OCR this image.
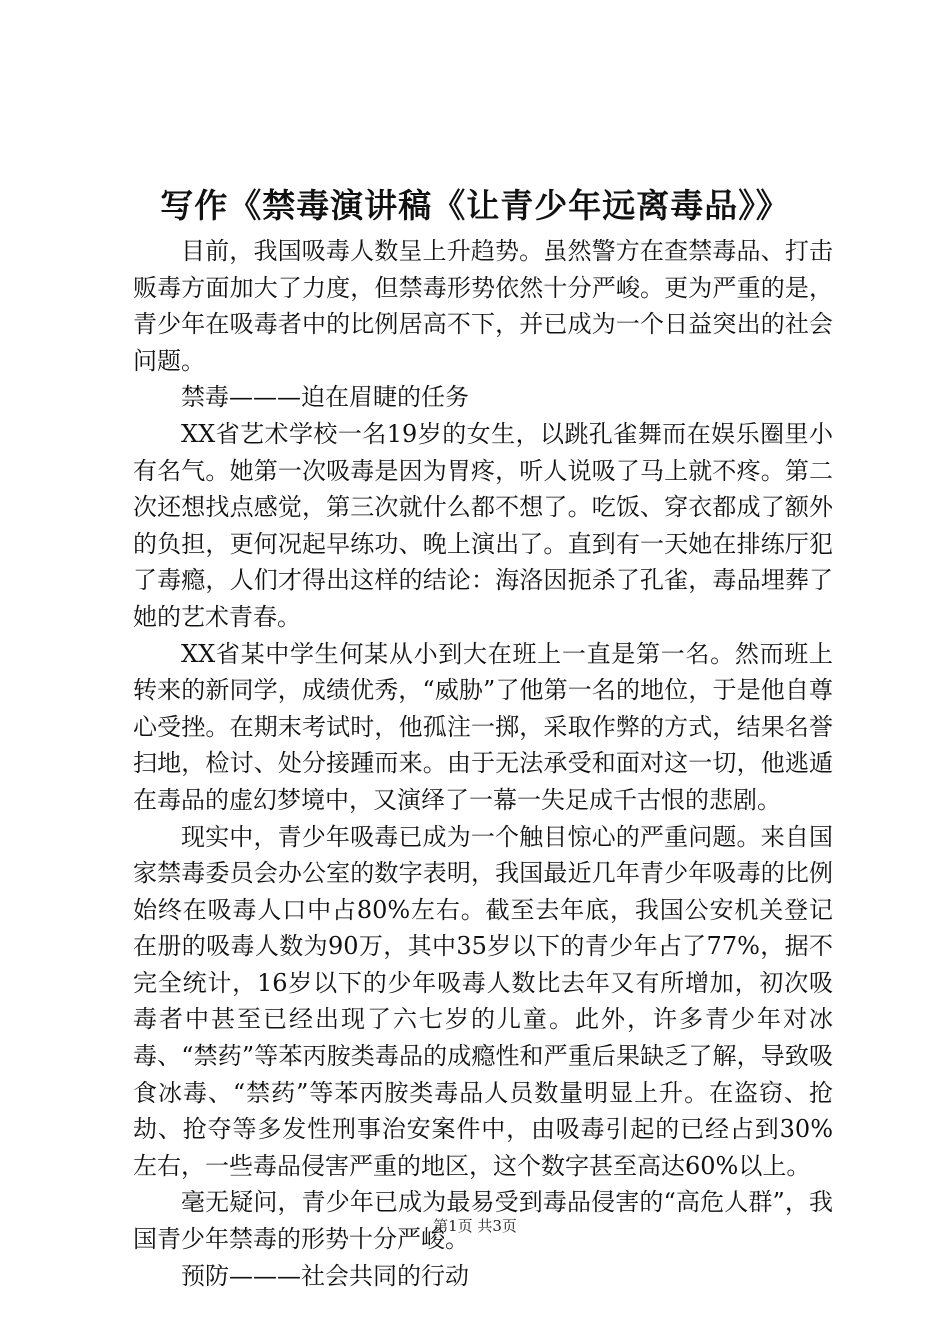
写作《禁毒演讲稿《让青少年远离毒品》》

目前，我国吸毒人数呈上升趋势。虽然警方在查禁毒品、打击贩毒方面加大了力度，但禁毒形势依然十分严峻。更为严重的是，青少年在吸毒者中的比例居高不下，并已成为一个日益突出的社会问题。

禁毒———迫在眉睫的任务

XX省艺术学校一名19岁的女生，以跳孔雀舞而在娱乐圈里小有名气。她第一次吸毒是因为胃疼，听人说吸了马上就不疼。第二次还想找点感觉，第三次就什么都不想了。吃饭、穿衣都成了额外的负担，更何况起早练功、晚上演出了。直到有一天她在排练厅犯了毒瘾，人们才得出这样的结论：海洛因扼杀了孔雀，毒品埋葬了她的艺术青春。

XX省某中学生何某从小到大在班上一直是第一名。然而班上转来的新同学，成绩优秀，“威胁”了他第一名的地位，于是他自尊心受挫。在期末考试时，他孤注一掷，采取作弊的方式，结果名誉扫地，检讨、处分接踵而来。由于无法承受和面对这一切，他逃遁在毒品的虚幻梦境中，又演绎了一幕一失足成千古恨的悲剧。

现实中，青少年吸毒已成为一个触目惊心的严重问题。来自国家禁毒委员会办公室的数字表明，我国最近几年青少年吸毒的比例始终在吸毒人口中占80%左右。截至去年底，我国公安机关登记在册的吸毒人数为90万，其中35岁以下的青少年占了77%，据不完全统计，16岁以下的少年吸毒人数比去年又有所增加，初次吸毒者中甚至已经出现了六七岁的儿童。此外，许多青少年对冰毒、“禁药”等苯丙胺类毒品的成瘾性和严重后果缺乏了解，导致吸食冰毒、“禁药”等苯丙胺类毒品人员数量明显上升。在盗窃、抢劫、抢夺等多发性刑事治安案件中，由吸毒引起的已经占到30%左右，一些毒品侵害严重的地区，这个数字甚至高达60%以上。

毫无疑问，青少年已成为最易受到毒品侵害的“高危人群”，我国青少年禁毒的形势十分严峻。

预防———社会共同的行动

第1页 共3页
